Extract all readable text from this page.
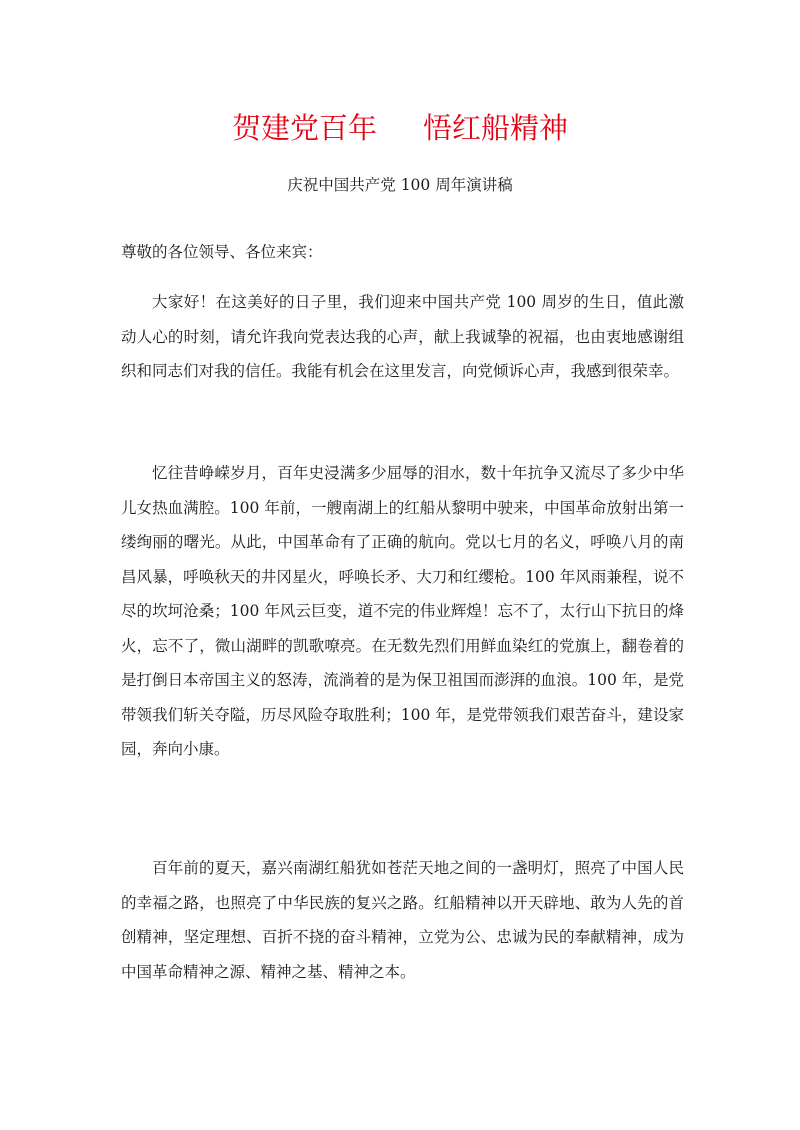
贺建党百年 悟红船精神
庆祝中国共产党 100 周年演讲稿
尊敬的各位领导、各位来宾：

大家好！在这美好的日子里，我们迎来中国共产党 100 周岁的生日，值此激动人心的时刻，请允许我向党表达我的心声，献上我诚挚的祝福，也由衷地感谢组织和同志们对我的信任。我能有机会在这里发言，向党倾诉心声，我感到很荣幸。

忆往昔峥嵘岁月，百年史浸满多少屈辱的泪水，数十年抗争又流尽了多少中华儿女热血满腔。100 年前，一艘南湖上的红船从黎明中驶来，中国革命放射出第一缕绚丽的曙光。从此，中国革命有了正确的航向。党以七月的名义，呼唤八月的南昌风暴，呼唤秋天的井冈星火，呼唤长矛、大刀和红缨枪。100 年风雨兼程，说不尽的坎坷沧桑；100 年风云巨变，道不完的伟业辉煌！忘不了，太行山下抗日的烽火，忘不了，微山湖畔的凯歌嘹亮。在无数先烈们用鲜血染红的党旗上，翻卷着的是打倒日本帝国主义的怒涛，流淌着的是为保卫祖国而澎湃的血浪。100 年，是党带领我们斩关夺隘，历尽风险夺取胜利；100 年，是党带领我们艰苦奋斗，建设家园，奔向小康。

百年前的夏天，嘉兴南湖红船犹如苍茫天地之间的一盏明灯，照亮了中国人民的幸福之路，也照亮了中华民族的复兴之路。红船精神以开天辟地、敢为人先的首创精神，坚定理想、百折不挠的奋斗精神，立党为公、忠诚为民的奉献精神，成为中国革命精神之源、精神之基、精神之本。
